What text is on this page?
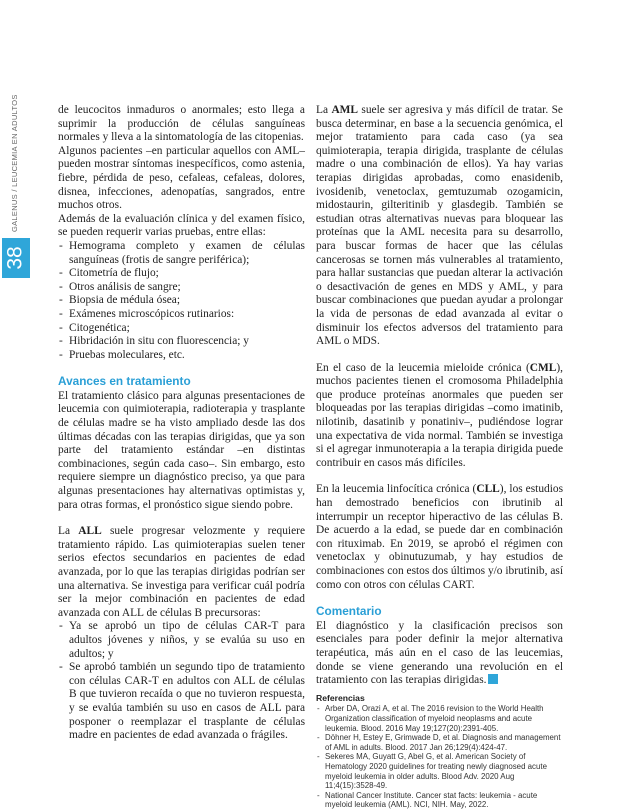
38
GALENUS / LEUCEMIA EN ADULTOS	de leucocitos inmaduros o anormales; esto llega a suprimir la producción de células sanguíneas normales y lleva a la sintomatología de las citopenias.

Algunos pacientes –en particular aquellos con AML– pueden mostrar síntomas inespecíficos, como astenia, fiebre, pérdida de peso, cefaleas, cefaleas, dolores, disnea, infecciones, adenopatías, sangrados, entre muchos otros.

Además de la evaluación clínica y del examen físico, se pueden requerir varias pruebas, entre ellas:

- Hemograma completo y examen de células sanguíneas (frotis de sangre periférica);
- Citometría de flujo;
- Otros análisis de sangre;
- Biopsia de médula ósea;
- Exámenes microscópicos rutinarios:
- Citogenética;
- Hibridación in situ con fluorescencia; y
- Pruebas moleculares, etc.
Avances en tratamiento

El tratamiento clásico para algunas presentaciones de leucemia con quimioterapia, radioterapia y trasplante de células madre se ha visto ampliado desde las dos últimas décadas con las terapias dirigidas, que ya son parte del tratamiento estándar –en distintas combinaciones, según cada caso–. Sin embargo, esto requiere siempre un diagnóstico preciso, ya que para algunas presentaciones hay alternativas optimistas y, para otras formas, el pronóstico sigue siendo pobre.

La ALL suele progresar velozmente y requiere tratamiento rápido. Las quimioterapias suelen tener serios efectos secundarios en pacientes de edad avanzada, por lo que las terapias dirigidas podrían ser una alternativa. Se investiga para verificar cuál podría ser la mejor combinación en pacientes de edad avanzada con ALL de células B precursoras:

- Ya se aprobó un tipo de células CAR-T para adultos jóvenes y niños, y se evalúa su uso en adultos; y
- Se aprobó también un segundo tipo de tratamiento con células CAR-T en adultos con ALL de células B que tuvieron recaída o que no tuvieron respuesta, y se evalúa también su uso en casos de ALL para posponer o reemplazar el trasplante de células madre en pacientes de edad avanzada o frágiles.

La AML suele ser agresiva y más difícil de tratar. Se busca determinar, en base a la secuencia genómica, el mejor tratamiento para cada caso (ya sea quimioterapia, terapia dirigida, trasplante de células madre o una combinación de ellos). Ya hay varias terapias dirigidas aprobadas, como enasidenib, ivosidenib, venetoclax, gemtuzumab ozogamicin, midostaurin, gilteritinib y glasdegib. También se estudian otras alternativas nuevas para bloquear las proteínas que la AML necesita para su desarrollo, para buscar formas de hacer que las células cancerosas se tornen más vulnerables al tratamiento, para hallar sustancias que puedan alterar la activación o desactivación de genes en MDS y AML, y para buscar combinaciones que puedan ayudar a prolongar la vida de personas de edad avanzada al evitar o disminuir los efectos adversos del tratamiento para AML o MDS.

En el caso de la leucemia mieloide crónica (CML), muchos pacientes tienen el cromosoma Philadelphia que produce proteínas anormales que pueden ser bloqueadas por las terapias dirigidas –como imatinib, nilotinib, dasatinib y ponatiniv–, pudiéndose lograr una expectativa de vida normal. También se investiga si el agregar inmunoterapia a la terapia dirigida puede contribuir en casos más difíciles.

En la leucemia linfocítica crónica (CLL), los estudios han demostrado beneficios con ibrutinib al interrumpir un receptor hiperactivo de las células B. De acuerdo a la edad, se puede dar en combinación con rituximab. En 2019, se aprobó el régimen con venetoclax y obinutuzumab, y hay estudios de combinaciones con estos dos últimos y/o ibrutinib, así como con otros con células CART.

Comentario

El diagnóstico y la clasificación precisos son esenciales para poder definir la mejor alternativa terapéutica, más aún en el caso de las leucemias, donde se viene generando una revolución en el tratamiento con las terapias dirigidas.

Referencias
- Arber DA, Orazi A, et al. The 2016 revision to the World Health Organization classification of myeloid neoplasms and acute leukemia. Blood. 2016 May 19;127(20):2391-405.
- Döhner H, Estey E, Grimwade D, et al. Diagnosis and management of AML in adults. Blood. 2017 Jan 26;129(4):424-47.
- Sekeres MA, Guyatt G, Abel G, et al. American Society of Hematology 2020 guidelines for treating newly diagnosed acute myeloid leukemia in older adults. Blood Adv. 2020 Aug 11;4(15):3528-49.
- National Cancer Institute. Cancer stat facts: leukemia - acute myeloid leukemia (AML). NCI, NIH. May, 2022.
